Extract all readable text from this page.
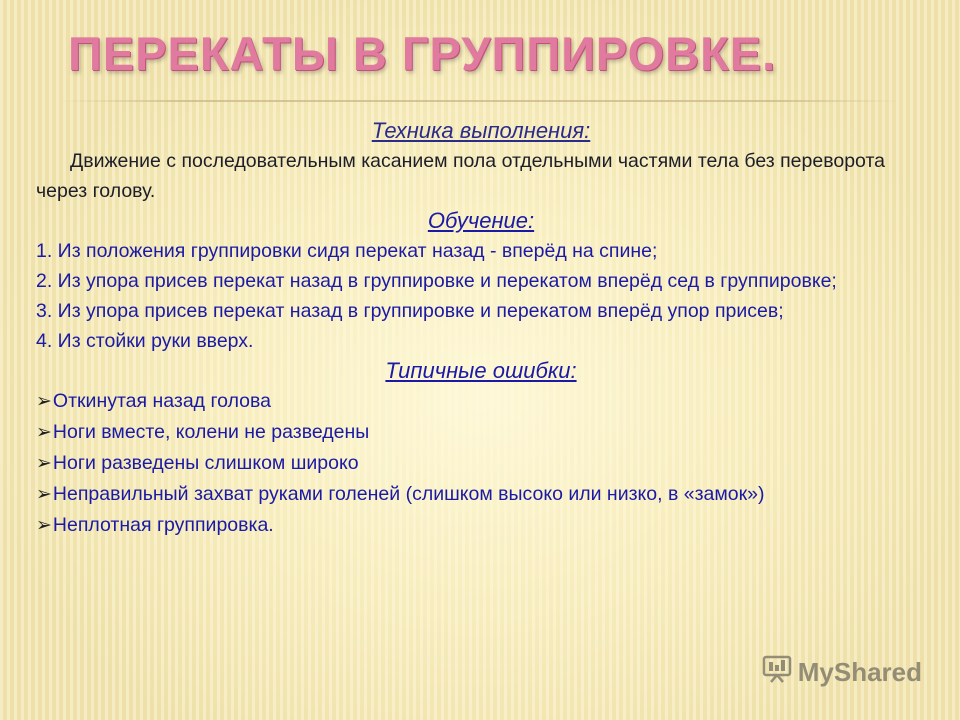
ПЕРЕКАТЫ В ГРУППИРОВКЕ.

Техника выполнения:

Движение с последовательным касанием пола отдельными частями тела без переворота через голову.

Обучение:

1. Из положения группировки сидя перекат назад - вперёд на спине;

2. Из упора присев перекат назад в группировке и перекатом вперёд сед в группировке;

3. Из упора присев перекат назад в группировке и перекатом вперёд упор присев;

4. Из стойки руки вверх.

Типичные ошибки:

➢Откинутая назад голова

➢Ноги вместе, колени не разведены

➢Ноги разведены слишком широко

➢Неправильный захват руками голеней (слишком высоко или низко, в «замок»)

➢Неплотная группировка.

MyShared
